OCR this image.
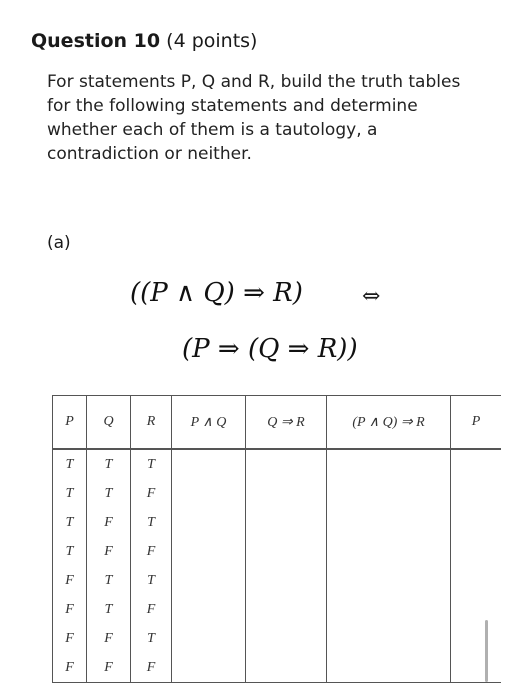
Question 10 (4 points)
For statements P, Q and R, build the truth tables for the following statements and determine whether each of them is a tautology, a contradiction or neither.
(a)
((P ∧ Q) ⇒ R)	⇔
(P ⇒ (Q ⇒ R))
P	Q	R	P ∧ Q	Q ⇒ R	(P ∧ Q) ⇒ R	P
T	T	T				
T	T	F				
T	F	T				
T	F	F				
F	T	T				
F	T	F				
F	F	T				
F	F	F				
